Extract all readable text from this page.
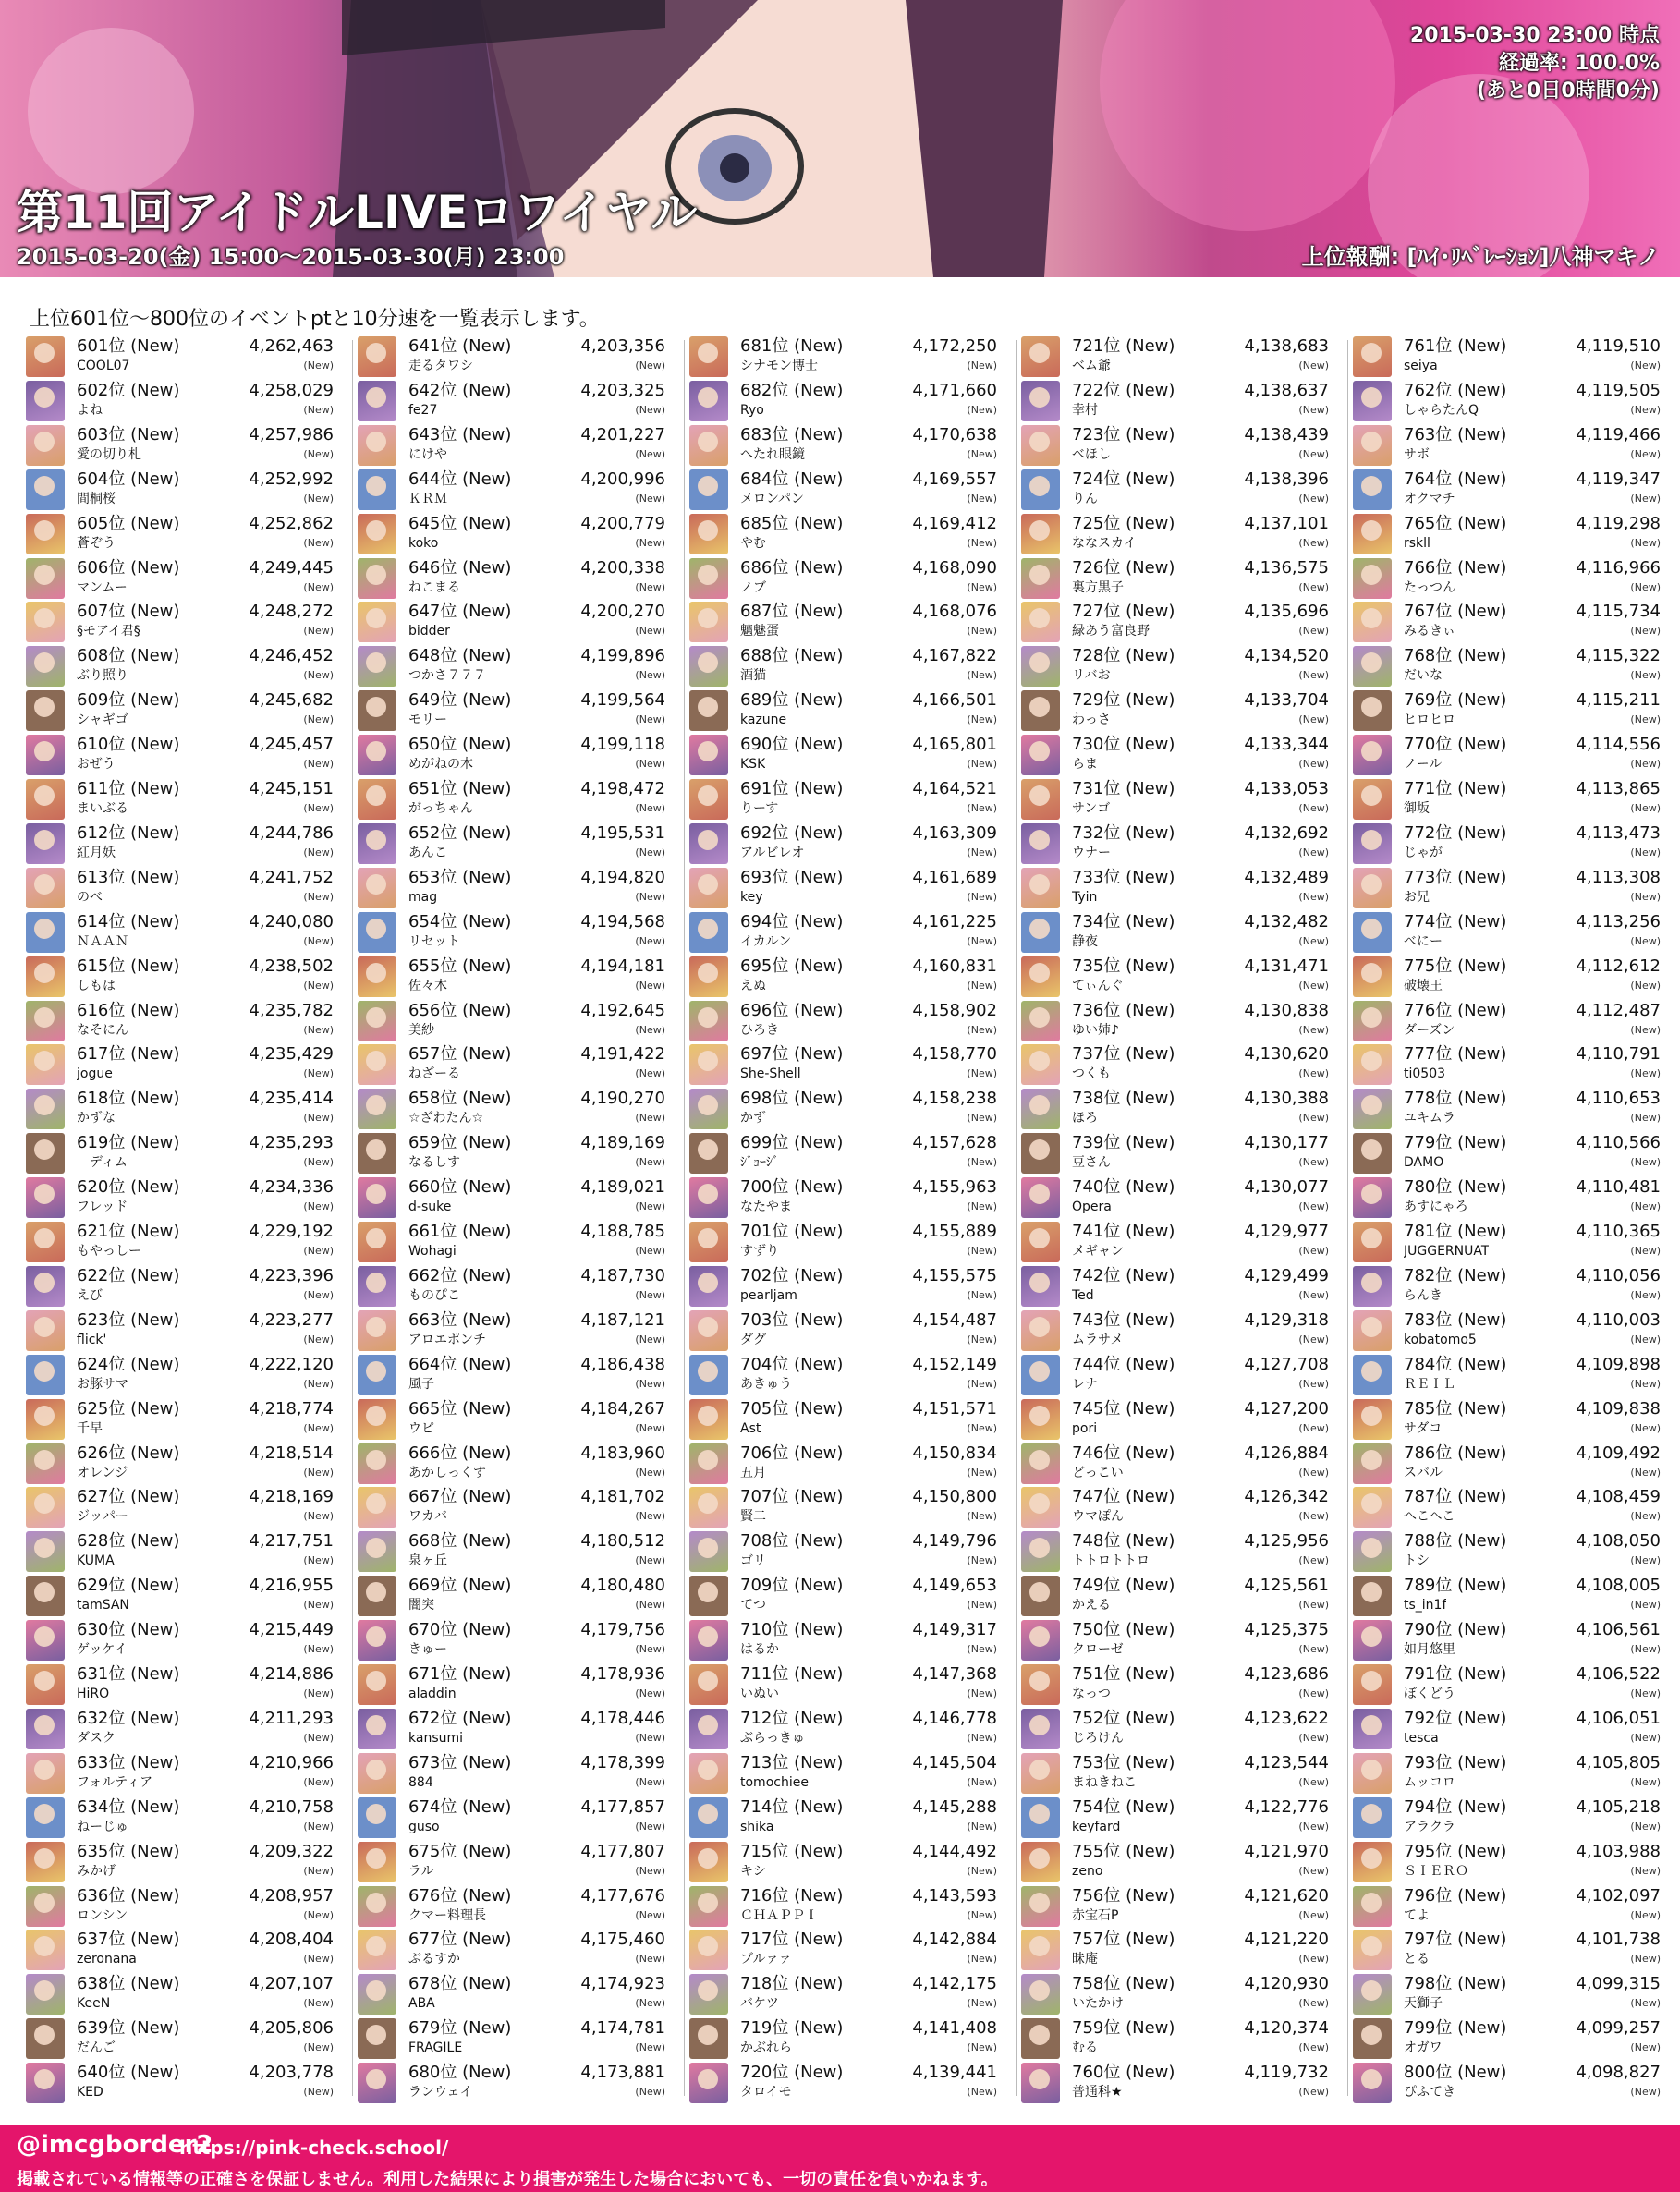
2015-03-30 23:00 時点
経過率: 100.0%
(あと0日0時間0分)
第11回アイドルLIVEロワイヤル
2015-03-20(金) 15:00～2015-03-30(月) 23:00	上位報酬: [ﾊｲ･ﾘﾍﾞﾚｰｼｮﾝ]八神マキノ
上位601位～800位のイベントptと10分速を一覧表示します。
601位 (New)	4,262,463
COOL07	(New)
602位 (New)	4,258,029
よね	(New)
603位 (New)	4,257,986
愛の切り札	(New)
604位 (New)	4,252,992
間桐桜	(New)
605位 (New)	4,252,862
蒼ぞう	(New)
606位 (New)	4,249,445
マンムー	(New)
607位 (New)	4,248,272
§モアイ君§	(New)
608位 (New)	4,246,452
ぶり照り	(New)
609位 (New)	4,245,682
シャギゴ	(New)
610位 (New)	4,245,457
おぜう	(New)
611位 (New)	4,245,151
まいぶる	(New)
612位 (New)	4,244,786
紅月妖	(New)
613位 (New)	4,241,752
のべ	(New)
614位 (New)	4,240,080
ＮＡＡＮ	(New)
615位 (New)	4,238,502
しもは	(New)
616位 (New)	4,235,782
なそにん	(New)
617位 (New)	4,235,429
jogue	(New)
618位 (New)	4,235,414
かずな	(New)
619位 (New)	4,235,293
　ディム	(New)
620位 (New)	4,234,336
フレッド	(New)
621位 (New)	4,229,192
もやっしー	(New)
622位 (New)	4,223,396
えび	(New)
623位 (New)	4,223,277
flick'	(New)
624位 (New)	4,222,120
お豚サマ	(New)
625位 (New)	4,218,774
千早	(New)
626位 (New)	4,218,514
オレンジ	(New)
627位 (New)	4,218,169
ジッパー	(New)
628位 (New)	4,217,751
KUMA	(New)
629位 (New)	4,216,955
tamSAN	(New)
630位 (New)	4,215,449
ゲッケイ	(New)
631位 (New)	4,214,886
HiRO	(New)
632位 (New)	4,211,293
ダスク	(New)
633位 (New)	4,210,966
フォルティア	(New)
634位 (New)	4,210,758
ねーじゅ	(New)
635位 (New)	4,209,322
みかげ	(New)
636位 (New)	4,208,957
ロンシン	(New)
637位 (New)	4,208,404
zeronana	(New)
638位 (New)	4,207,107
KeeN	(New)
639位 (New)	4,205,806
だんご	(New)
640位 (New)	4,203,778
KED	(New)
641位 (New)	4,203,356
走るタワシ	(New)
642位 (New)	4,203,325
fe27	(New)
643位 (New)	4,201,227
にけや	(New)
644位 (New)	4,200,996
ＫＲＭ	(New)
645位 (New)	4,200,779
koko	(New)
646位 (New)	4,200,338
ねこまる	(New)
647位 (New)	4,200,270
bidder	(New)
648位 (New)	4,199,896
つかさ７７７	(New)
649位 (New)	4,199,564
モリー	(New)
650位 (New)	4,199,118
めがねの木	(New)
651位 (New)	4,198,472
がっちゃん	(New)
652位 (New)	4,195,531
あんこ	(New)
653位 (New)	4,194,820
mag	(New)
654位 (New)	4,194,568
リセット	(New)
655位 (New)	4,194,181
佐々木	(New)
656位 (New)	4,192,645
美紗	(New)
657位 (New)	4,191,422
ねざーる	(New)
658位 (New)	4,190,270
☆ざわたん☆	(New)
659位 (New)	4,189,169
なるしす	(New)
660位 (New)	4,189,021
d-suke	(New)
661位 (New)	4,188,785
Wohagi	(New)
662位 (New)	4,187,730
ものぴこ	(New)
663位 (New)	4,187,121
アロエポンチ	(New)
664位 (New)	4,186,438
風子	(New)
665位 (New)	4,184,267
ウピ	(New)
666位 (New)	4,183,960
あかしっくす	(New)
667位 (New)	4,181,702
ワカバ	(New)
668位 (New)	4,180,512
泉ヶ丘	(New)
669位 (New)	4,180,480
闇突	(New)
670位 (New)	4,179,756
きゅー	(New)
671位 (New)	4,178,936
aladdin	(New)
672位 (New)	4,178,446
kansumi	(New)
673位 (New)	4,178,399
884	(New)
674位 (New)	4,177,857
guso	(New)
675位 (New)	4,177,807
ラル	(New)
676位 (New)	4,177,676
クマー料理長	(New)
677位 (New)	4,175,460
ぶるすか	(New)
678位 (New)	4,174,923
ABA	(New)
679位 (New)	4,174,781
FRAGILE	(New)
680位 (New)	4,173,881
ランウェイ	(New)
681位 (New)	4,172,250
シナモン博士	(New)
682位 (New)	4,171,660
Ryo	(New)
683位 (New)	4,170,638
へたれ眼鏡	(New)
684位 (New)	4,169,557
メロンパン	(New)
685位 (New)	4,169,412
やむ	(New)
686位 (New)	4,168,090
ノブ	(New)
687位 (New)	4,168,076
魑魅蛋	(New)
688位 (New)	4,167,822
酒猫	(New)
689位 (New)	4,166,501
kazune	(New)
690位 (New)	4,165,801
KSK	(New)
691位 (New)	4,164,521
りーす	(New)
692位 (New)	4,163,309
アルビレオ	(New)
693位 (New)	4,161,689
key	(New)
694位 (New)	4,161,225
イカルン	(New)
695位 (New)	4,160,831
えぬ	(New)
696位 (New)	4,158,902
ひろき	(New)
697位 (New)	4,158,770
She-Shell	(New)
698位 (New)	4,158,238
かず	(New)
699位 (New)	4,157,628
ｼﾞｮｰｼﾞ	(New)
700位 (New)	4,155,963
なたやま	(New)
701位 (New)	4,155,889
すずり	(New)
702位 (New)	4,155,575
pearljam	(New)
703位 (New)	4,154,487
ダグ	(New)
704位 (New)	4,152,149
あきゅう	(New)
705位 (New)	4,151,571
Ast	(New)
706位 (New)	4,150,834
五月	(New)
707位 (New)	4,150,800
賢二	(New)
708位 (New)	4,149,796
ゴリ	(New)
709位 (New)	4,149,653
てつ	(New)
710位 (New)	4,149,317
はるか	(New)
711位 (New)	4,147,368
いぬい	(New)
712位 (New)	4,146,778
ぶらっきゅ	(New)
713位 (New)	4,145,504
tomochiee	(New)
714位 (New)	4,145,288
shika	(New)
715位 (New)	4,144,492
キシ	(New)
716位 (New)	4,143,593
ＣＨＡＰＰＩ	(New)
717位 (New)	4,142,884
ブルァァ	(New)
718位 (New)	4,142,175
バケツ	(New)
719位 (New)	4,141,408
かぶれら	(New)
720位 (New)	4,139,441
タロイモ	(New)
721位 (New)	4,138,683
ベム爺	(New)
722位 (New)	4,138,637
幸村	(New)
723位 (New)	4,138,439
べほし	(New)
724位 (New)	4,138,396
りん	(New)
725位 (New)	4,137,101
ななスカイ	(New)
726位 (New)	4,136,575
裏方黒子	(New)
727位 (New)	4,135,696
緑あう富良野	(New)
728位 (New)	4,134,520
リバお	(New)
729位 (New)	4,133,704
わっさ	(New)
730位 (New)	4,133,344
らま	(New)
731位 (New)	4,133,053
サンゴ	(New)
732位 (New)	4,132,692
ウナー	(New)
733位 (New)	4,132,489
Tyin	(New)
734位 (New)	4,132,482
静夜	(New)
735位 (New)	4,131,471
てぃんぐ	(New)
736位 (New)	4,130,838
ゆい姉♪	(New)
737位 (New)	4,130,620
つくも	(New)
738位 (New)	4,130,388
ほろ	(New)
739位 (New)	4,130,177
豆さん	(New)
740位 (New)	4,130,077
Opera	(New)
741位 (New)	4,129,977
メギャン	(New)
742位 (New)	4,129,499
Ted	(New)
743位 (New)	4,129,318
ムラサメ	(New)
744位 (New)	4,127,708
レナ	(New)
745位 (New)	4,127,200
pori	(New)
746位 (New)	4,126,884
どっこい	(New)
747位 (New)	4,126,342
ウマぽん	(New)
748位 (New)	4,125,956
トトロトトロ	(New)
749位 (New)	4,125,561
かえる	(New)
750位 (New)	4,125,375
クローゼ	(New)
751位 (New)	4,123,686
なっつ	(New)
752位 (New)	4,123,622
じろけん	(New)
753位 (New)	4,123,544
まねきねこ	(New)
754位 (New)	4,122,776
keyfard	(New)
755位 (New)	4,121,970
zeno	(New)
756位 (New)	4,121,620
赤宝石P	(New)
757位 (New)	4,121,220
昧庵	(New)
758位 (New)	4,120,930
いたかけ	(New)
759位 (New)	4,120,374
むる	(New)
760位 (New)	4,119,732
普通科★	(New)
761位 (New)	4,119,510
seiya	(New)
762位 (New)	4,119,505
しゃらたんQ	(New)
763位 (New)	4,119,466
サボ	(New)
764位 (New)	4,119,347
オクマチ	(New)
765位 (New)	4,119,298
rskll	(New)
766位 (New)	4,116,966
たっつん	(New)
767位 (New)	4,115,734
みるきぃ	(New)
768位 (New)	4,115,322
だいな	(New)
769位 (New)	4,115,211
ヒロヒロ	(New)
770位 (New)	4,114,556
ノール	(New)
771位 (New)	4,113,865
御坂	(New)
772位 (New)	4,113,473
じゃが	(New)
773位 (New)	4,113,308
お兄	(New)
774位 (New)	4,113,256
べにー	(New)
775位 (New)	4,112,612
破壊王	(New)
776位 (New)	4,112,487
ダーズン	(New)
777位 (New)	4,110,791
ti0503	(New)
778位 (New)	4,110,653
ユキムラ	(New)
779位 (New)	4,110,566
DAMO	(New)
780位 (New)	4,110,481
あすにゃろ	(New)
781位 (New)	4,110,365
JUGGERNUAT	(New)
782位 (New)	4,110,056
らんき	(New)
783位 (New)	4,110,003
kobatomo5	(New)
784位 (New)	4,109,898
ＲＥＩＬ	(New)
785位 (New)	4,109,838
サダコ	(New)
786位 (New)	4,109,492
スバル	(New)
787位 (New)	4,108,459
へこへこ	(New)
788位 (New)	4,108,050
トシ	(New)
789位 (New)	4,108,005
ts_in1f	(New)
790位 (New)	4,106,561
如月悠里	(New)
791位 (New)	4,106,522
ぼくどう	(New)
792位 (New)	4,106,051
tesca	(New)
793位 (New)	4,105,805
ムッコロ	(New)
794位 (New)	4,105,218
アラクラ	(New)
795位 (New)	4,103,988
ＳＩＥＲＯ	(New)
796位 (New)	4,102,097
てよ	(New)
797位 (New)	4,101,738
とる	(New)
798位 (New)	4,099,315
天獅子	(New)
799位 (New)	4,099,257
オガワ	(New)
800位 (New)	4,098,827
ぴふてき	(New)
@imcgborder2
https://pink-check.school/
掲載されている情報等の正確さを保証しません。利用した結果により損害が発生した場合においても、一切の責任を負いかねます。
